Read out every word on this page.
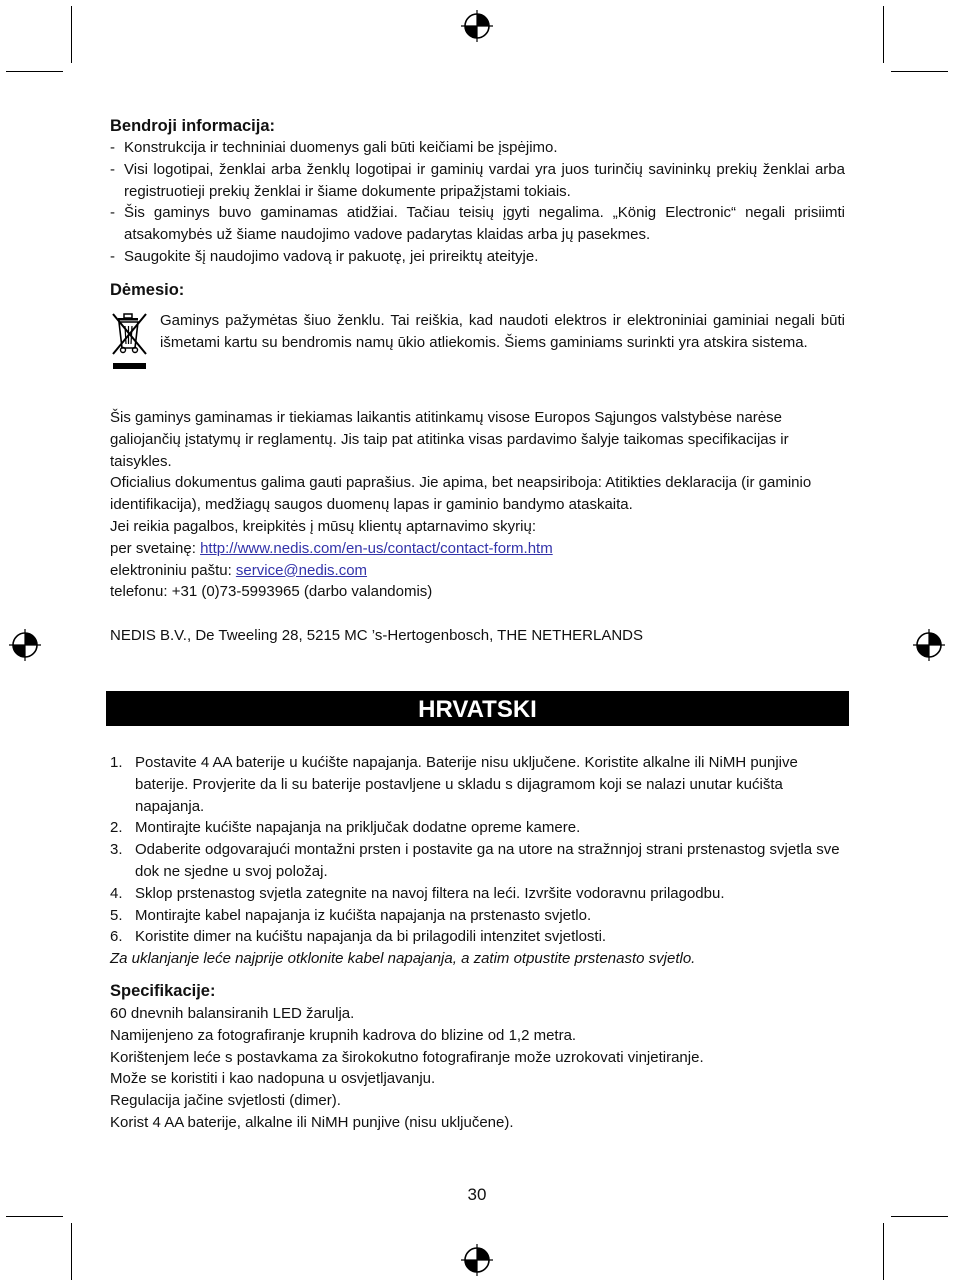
Bendroji informacija:
- Konstrukcija ir techniniai duomenys gali būti keičiami be įspėjimo.
- Visi logotipai, ženklai arba ženklų logotipai ir gaminių vardai yra juos turinčių savininkų prekių ženklai arba registruotieji prekių ženklai ir šiame dokumente pripažįstami tokiais.
- Šis gaminys buvo gaminamas atidžiai. Tačiau teisių įgyti negalima. „König Electronic“ negali prisiimti atsakomybės už šiame naudojimo vadove padarytas klaidas arba jų pasekmes.
- Saugokite šį naudojimo vadovą ir pakuotę, jei prireiktų ateityje.
Dėmesio:
Gaminys pažymėtas šiuo ženklu. Tai reiškia, kad naudoti elektros ir elektroniniai gaminiai negali būti išmetami kartu su bendromis namų ūkio atliekomis. Šiems gaminiams surinkti yra atskira sistema.

Šis gaminys gaminamas ir tiekiamas laikantis atitinkamų visose Europos Sąjungos valstybėse narėse galiojančių įstatymų ir reglamentų. Jis taip pat atitinka visas pardavimo šalyje taikomas specifikacijas ir taisykles.

Oficialius dokumentus galima gauti paprašius. Jie apima, bet neapsiriboja: Atitikties deklaracija (ir gaminio identifikacija), medžiagų saugos duomenų lapas ir gaminio bandymo ataskaita.

Jei reikia pagalbos, kreipkitės į mūsų klientų aptarnavimo skyrių:

per svetainę: http://www.nedis.com/en-us/contact/contact-form.htm

elektroniniu paštu: service@nedis.com

telefonu: +31 (0)73-5993965 (darbo valandomis)

NEDIS B.V., De Tweeling 28, 5215 MC ’s-Hertogenbosch, THE NETHERLANDS

HRVATSKI
1. Postavite 4 AA baterije u kućište napajanja. Baterije nisu uključene. Koristite alkalne ili NiMH punjive baterije. Provjerite da li su baterije postavljene u skladu s dijagramom koji se nalazi unutar kućišta napajanja.
2. Montirajte kućište napajanja na priključak dodatne opreme kamere.
3. Odaberite odgovarajući montažni prsten i postavite ga na utore na stražnnjoj strani prstenastog svjetla sve dok ne sjedne u svoj položaj.
4. Sklop prstenastog svjetla zategnite na navoj filtera na leći. Izvršite vodoravnu prilagodbu.
5. Montirajte kabel napajanja iz kućišta napajanja na prstenasto svjetlo.
6. Koristite dimer na kućištu napajanja da bi prilagodili intenzitet svjetlosti.

Za uklanjanje leće najprije otklonite kabel napajanja, a zatim otpustite prstenasto svjetlo.

Specifikacije:
60 dnevnih balansiranih LED žarulja.
Namijenjeno za fotografiranje krupnih kadrova do blizine od 1,2 metra.
Korištenjem leće s postavkama za širokokutno fotografiranje može uzrokovati vinjetiranje.
Može se koristiti i kao nadopuna u osvjetljavanju.
Regulacija jačine svjetlosti (dimer).
Korist 4 AA baterije, alkalne ili NiMH punjive (nisu uključene).
30
